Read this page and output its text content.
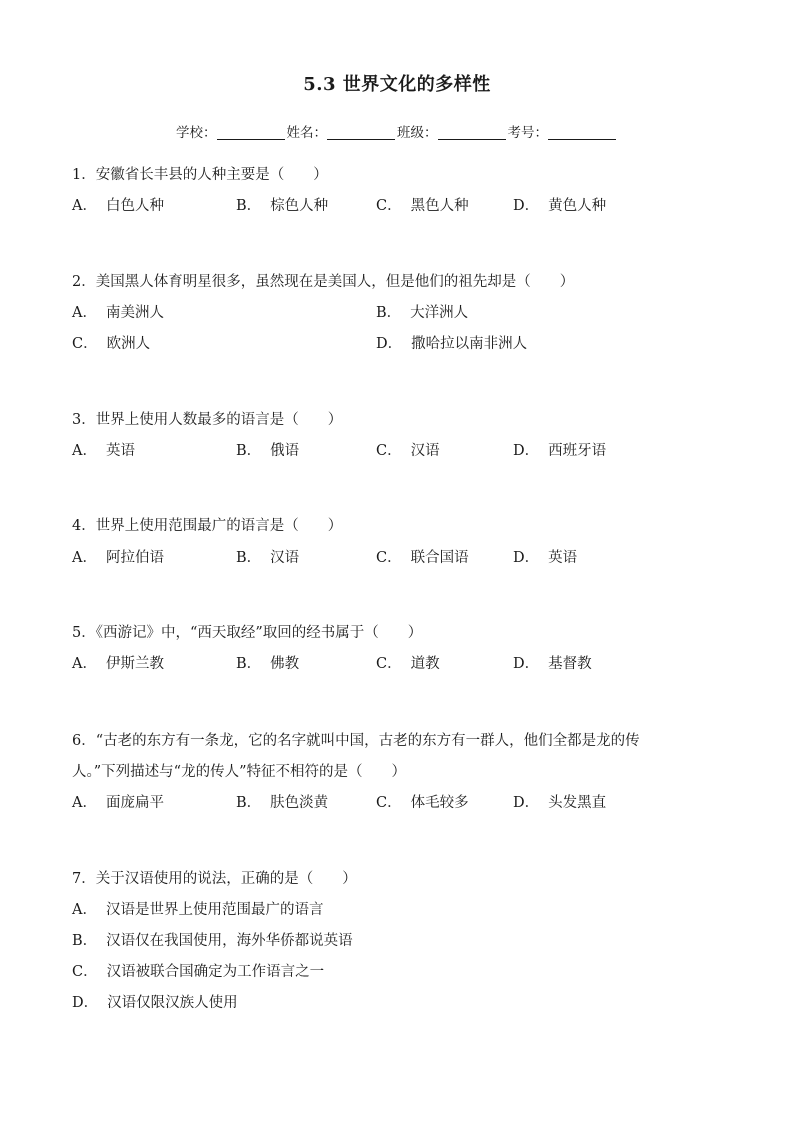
5.3 世界文化的多样性
学校：	姓名：	班级：	考号：
1．安徽省长丰县的人种主要是（　　）
A． 白色人种	B． 棕色人种	C． 黑色人种	D． 黄色人种
2．美国黑人体育明星很多，虽然现在是美国人，但是他们的祖先却是（　　）
A． 南美洲人	B． 大洋洲人
C． 欧洲人	D． 撒哈拉以南非洲人
3．世界上使用人数最多的语言是（　　）
A． 英语	B． 俄语	C． 汉语	D． 西班牙语
4．世界上使用范围最广的语言是（　　）
A． 阿拉伯语	B． 汉语	C． 联合国语	D． 英语
5．《西游记》中，“西天取经”取回的经书属于（　　）
A． 伊斯兰教	B． 佛教	C． 道教	D． 基督教
6．“古老的东方有一条龙，它的名字就叫中国，古老的东方有一群人，他们全都是龙的传
人。”下列描述与“龙的传人”特征不相符的是（　　）
A． 面庞扁平	B． 肤色淡黄	C． 体毛较多	D． 头发黑直
7．关于汉语使用的说法，正确的是（　　）
A． 汉语是世界上使用范围最广的语言
B． 汉语仅在我国使用，海外华侨都说英语
C． 汉语被联合国确定为工作语言之一
D． 汉语仅限汉族人使用
